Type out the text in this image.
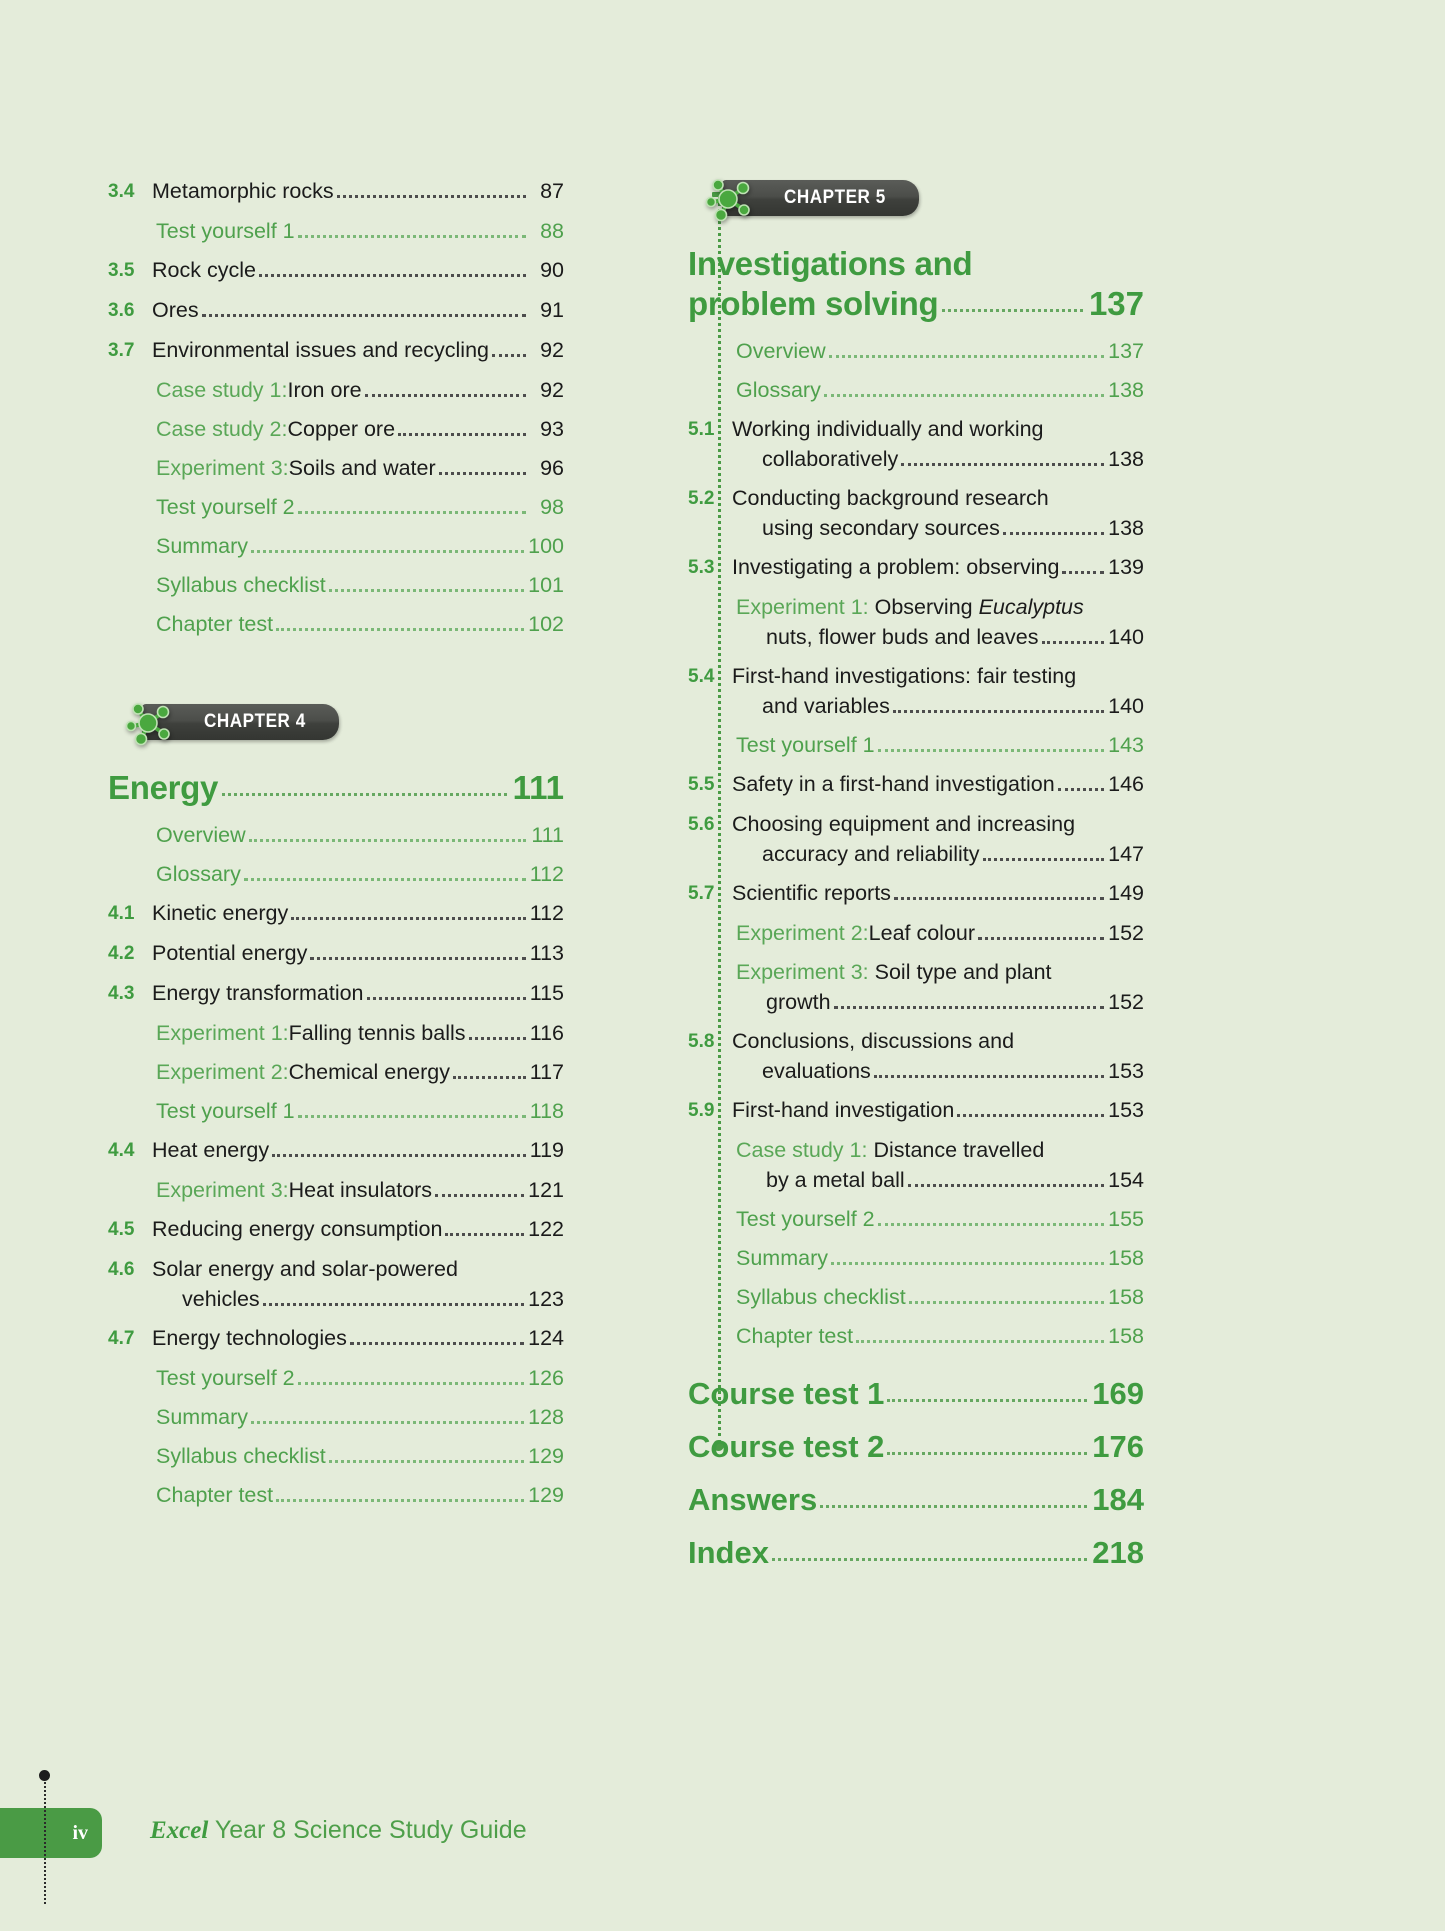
3.4 Metamorphic rocks	87
Test yourself 1	88
3.5 Rock cycle	90
3.6 Ores	91
3.7 Environmental issues and recycling	92
Case study 1: Iron ore	92
Case study 2: Copper ore	93
Experiment 3: Soils and water	96
Test yourself 2	98
Summary	100
Syllabus checklist	101
Chapter test	102
CHAPTER 4
Energy	111
Overview	111
Glossary	112
4.1 Kinetic energy	112
4.2 Potential energy	113
4.3 Energy transformation	115
Experiment 1: Falling tennis balls	116
Experiment 2: Chemical energy	117
Test yourself 1	118
4.4 Heat energy	119
Experiment 3: Heat insulators	121
4.5 Reducing energy consumption	122
4.6 Solar energy and solar-powered
vehicles	123
4.7 Energy technologies	124
Test yourself 2	126
Summary	128
Syllabus checklist	129
Chapter test	129
CHAPTER 5
Investigations and
problem solving	137
Overview	137
Glossary	138
5.1 Working individually and working
collaboratively	138
5.2 Conducting background research
using secondary sources	138
5.3 Investigating a problem: observing 139
Experiment 1: Observing Eucalyptus
nuts, flower buds and leaves	140
5.4 First-hand investigations: fair testing
and variables	140
Test yourself 1	143
5.5 Safety in a first-hand investigation 146
5.6 Choosing equipment and increasing
accuracy and reliability	147
5.7 Scientific reports	149
Experiment 2: Leaf colour	152
Experiment 3: Soil type and plant
growth	152
5.8 Conclusions, discussions and
evaluations	153
5.9 First-hand investigation	153
Case study 1: Distance travelled
by a metal ball	154
Test yourself 2	155
Summary	158
Syllabus checklist	158
Chapter test	158
Course test 1	169
Course test 2	176
Answers	184
Index	218
iv Excel Year 8 Science Study Guide
